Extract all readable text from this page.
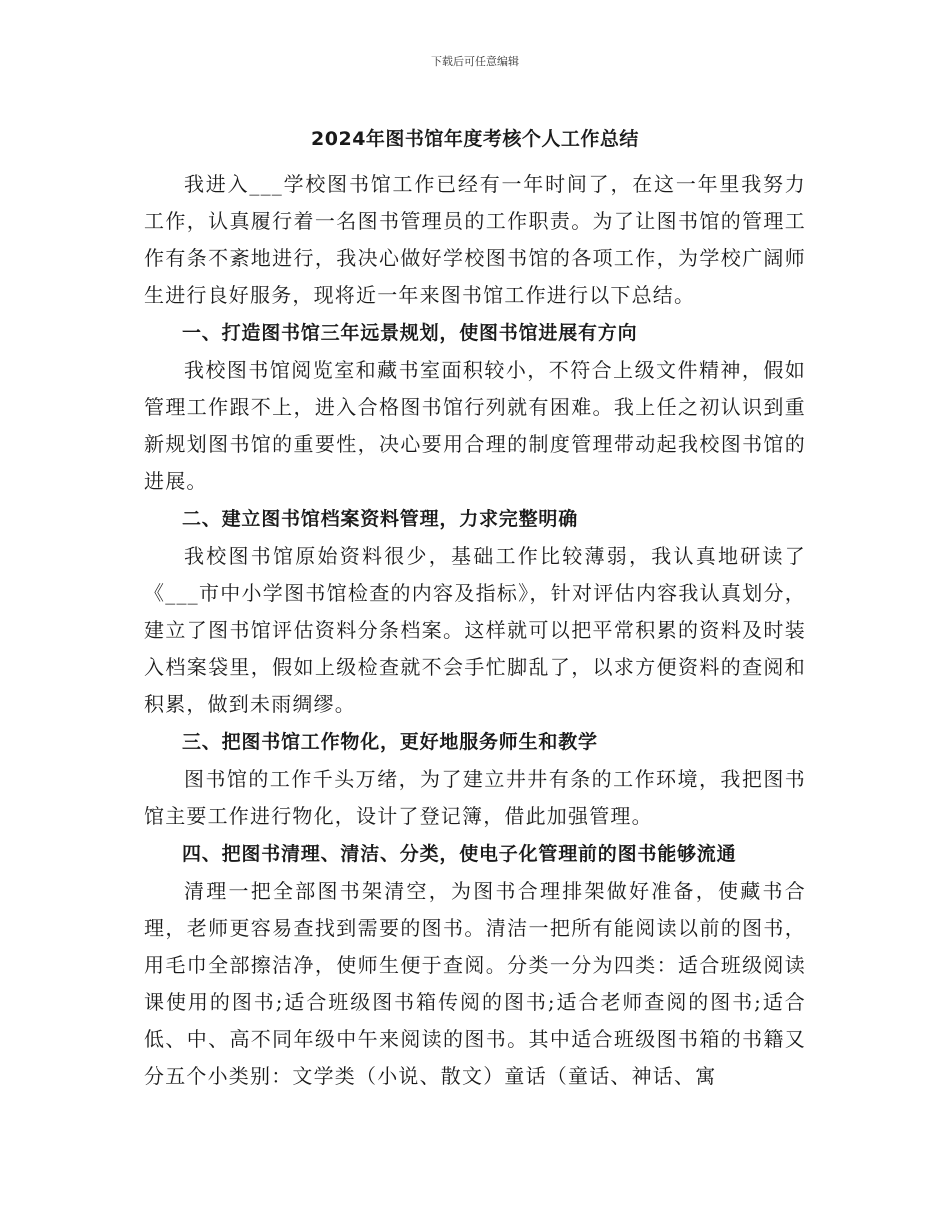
下载后可任意编辑
2024年图书馆年度考核个人工作总结

我进入___学校图书馆工作已经有一年时间了，在这一年里我努力工作，认真履行着一名图书管理员的工作职责。为了让图书馆的管理工作有条不紊地进行，我决心做好学校图书馆的各项工作，为学校广阔师生进行良好服务，现将近一年来图书馆工作进行以下总结。

一、打造图书馆三年远景规划，使图书馆进展有方向

我校图书馆阅览室和藏书室面积较小，不符合上级文件精神，假如管理工作跟不上，进入合格图书馆行列就有困难。我上任之初认识到重新规划图书馆的重要性，决心要用合理的制度管理带动起我校图书馆的进展。

二、建立图书馆档案资料管理，力求完整明确

我校图书馆原始资料很少，基础工作比较薄弱，我认真地研读了《___市中小学图书馆检查的内容及指标》，针对评估内容我认真划分，建立了图书馆评估资料分条档案。这样就可以把平常积累的资料及时装入档案袋里，假如上级检查就不会手忙脚乱了，以求方便资料的查阅和积累，做到未雨绸缪。

三、把图书馆工作物化，更好地服务师生和教学

图书馆的工作千头万绪，为了建立井井有条的工作环境，我把图书馆主要工作进行物化，设计了登记簿，借此加强管理。

四、把图书清理、清洁、分类，使电子化管理前的图书能够流通

清理一把全部图书架清空，为图书合理排架做好准备，使藏书合理，老师更容易查找到需要的图书。清洁一把所有能阅读以前的图书，用毛巾全部擦洁净，使师生便于查阅。分类一分为四类：适合班级阅读课使用的图书;适合班级图书箱传阅的图书;适合老师查阅的图书;适合低、中、高不同年级中午来阅读的图书。其中适合班级图书箱的书籍又分五个小类别：文学类（小说、散文）童话（童话、神话、寓
